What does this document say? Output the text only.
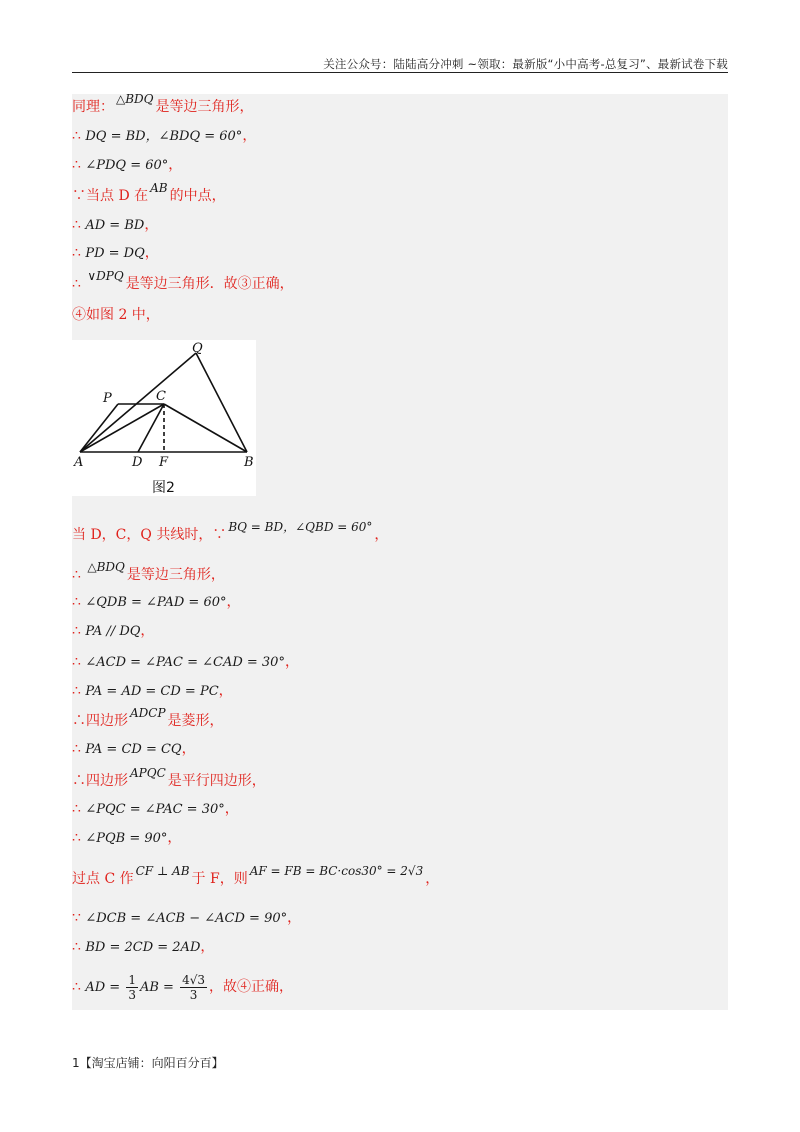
关注公众号：陆陆高分冲刺 ~领取：最新版“小中高考-总复习”、最新试卷下载
同理： △BDQ 是等边三角形，
∴ DQ = BD，∠BDQ = 60°，
∴ ∠PDQ = 60°，
∵当点 D 在 AB 的中点，
∴ AD = BD，
∴ PD = DQ，
∴ ∨DPQ 是等边三角形．故③正确，
④如图 2 中，
Q
P	C
A	D F	B
图2
当 D，C，Q 共线时，∵ BQ = BD，∠QBD = 60° ，
∴ △BDQ 是等边三角形，
∴ ∠QDB = ∠PAD = 60°，
∴ PA // DQ，
∴ ∠ACD = ∠PAC = ∠CAD = 30°，
∴ PA = AD = CD = PC，
∴四边形 ADCP 是菱形，
∴ PA = CD = CQ，
∴四边形 APQC 是平行四边形，
∴ ∠PQC = ∠PAC = 30°，
∴ ∠PQB = 90°，
过点 C 作 CF ⊥ AB 于 F，则 AF = FB = BC·cos30° = 2√3 ，
∵ ∠DCB = ∠ACB − ∠ACD = 90°，
∴ BD = 2CD = 2AD，
∴ AD = $\frac{1}{3}$ AB = $\frac{4√3}{3}$ ，故④正确，
1【淘宝店铺：向阳百分百】
